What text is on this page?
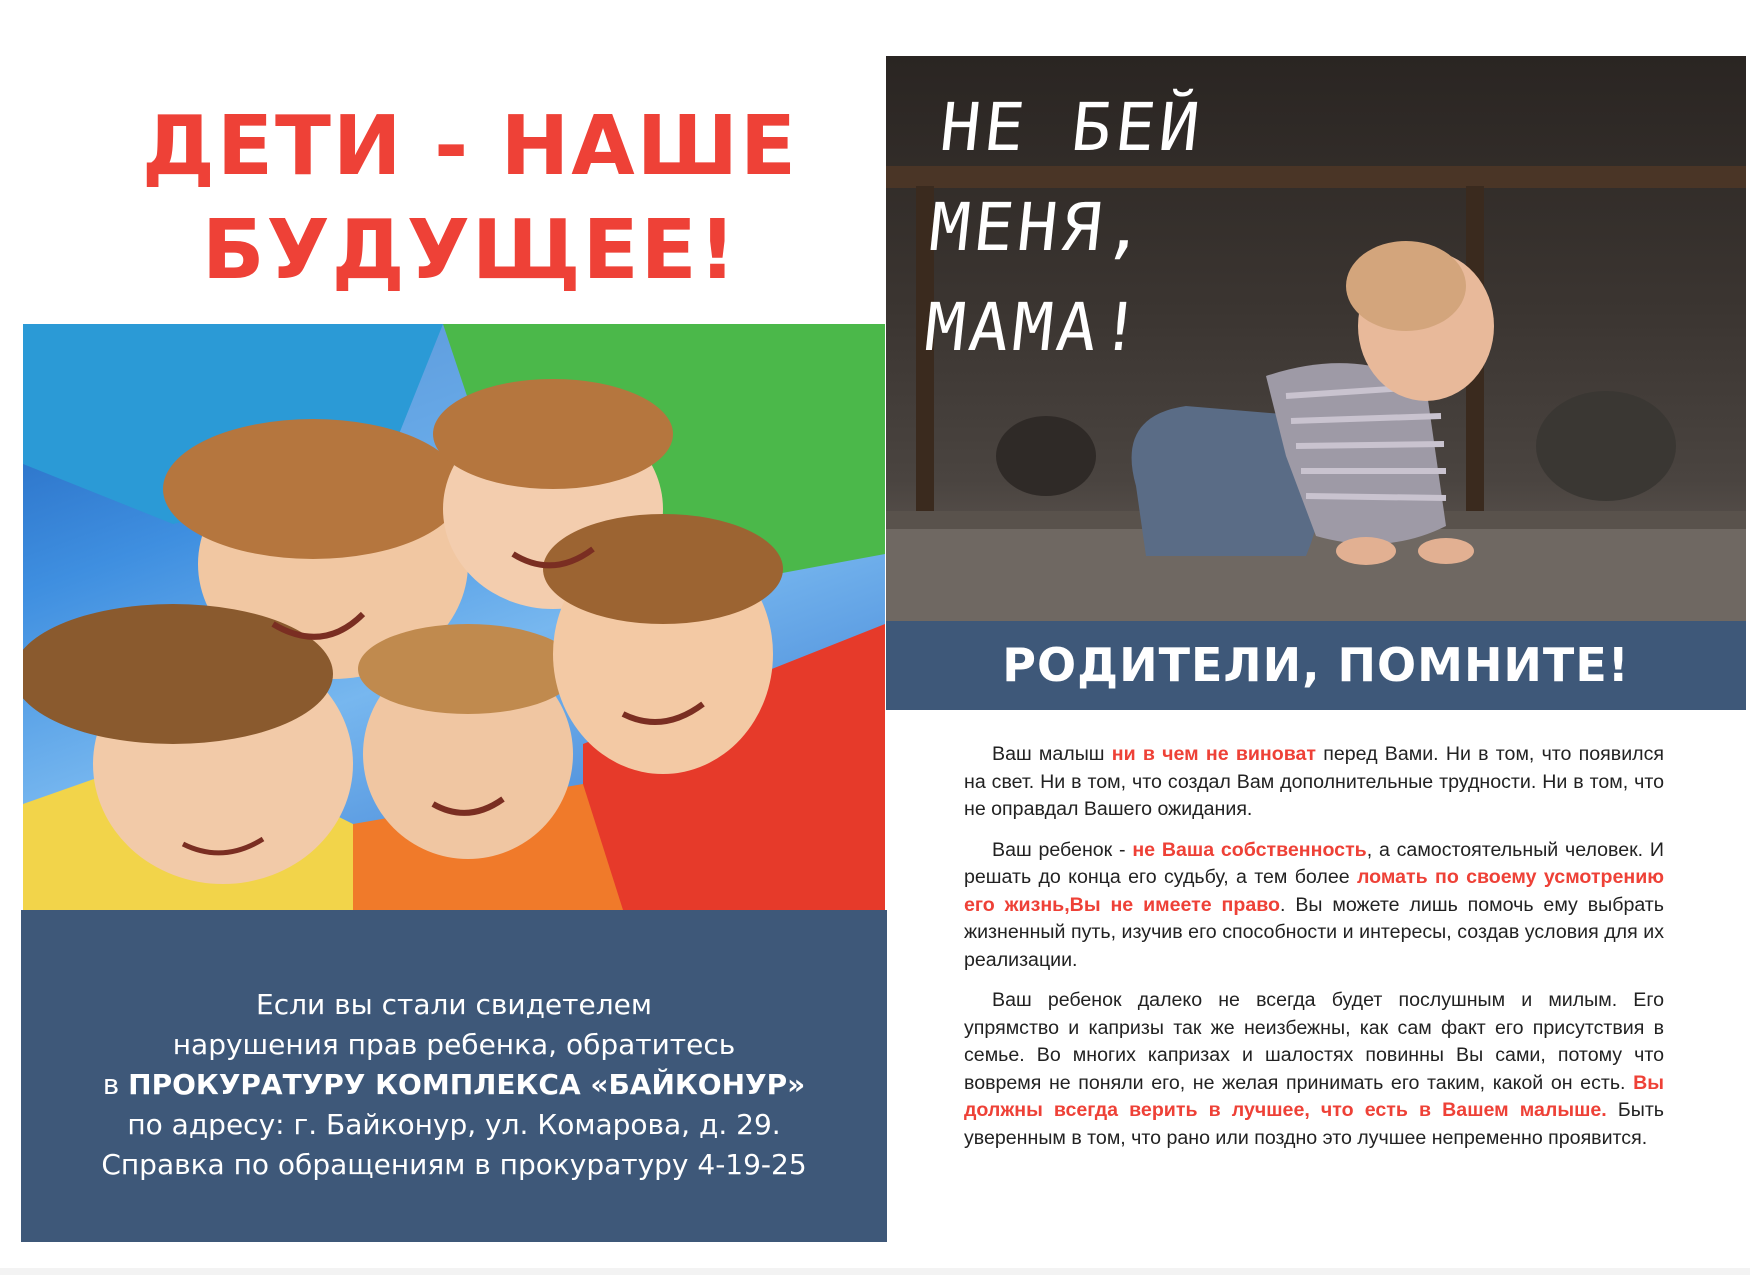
ДЕТИ - НАШЕ
БУДУЩЕЕ!
Если вы стали свидетелем
нарушения прав ребенка, обратитесь
в ПРОКУРАТУРУ КОМПЛЕКСА «БАЙКОНУР»
по адресу: г. Байконур, ул. Комарова, д. 29.
Справка по обращениям в прокуратуру 4-19-25
НЕ БЕЙ МЕНЯ,
МАМА!
РОДИТЕЛИ, ПОМНИТЕ!

Ваш малыш ни в чем не виноват перед Вами. Ни в том, что появился на свет. Ни в том, что создал Вам дополнительные трудности. Ни в том, что не оправдал Вашего ожидания.

Ваш ребенок - не Ваша собственность, а самостоятельный человек. И решать до конца его судьбу, а тем более ломать по своему усмотрению его жизнь,Вы не имеете право. Вы можете лишь помочь ему выбрать жизненный путь, изучив его способности и интересы, создав условия для их реализации.

Ваш ребенок далеко не всегда будет послушным и милым. Его упрямство и капризы так же неизбежны, как сам факт его присутствия в семье. Во многих капризах и шалостях повинны Вы сами, потому что вовремя не поняли его, не желая принимать его таким, какой он есть. Вы должны всегда верить в лучшее, что есть в Вашем малыше. Быть уверенным в том, что рано или поздно это лучшее непременно проявится.
